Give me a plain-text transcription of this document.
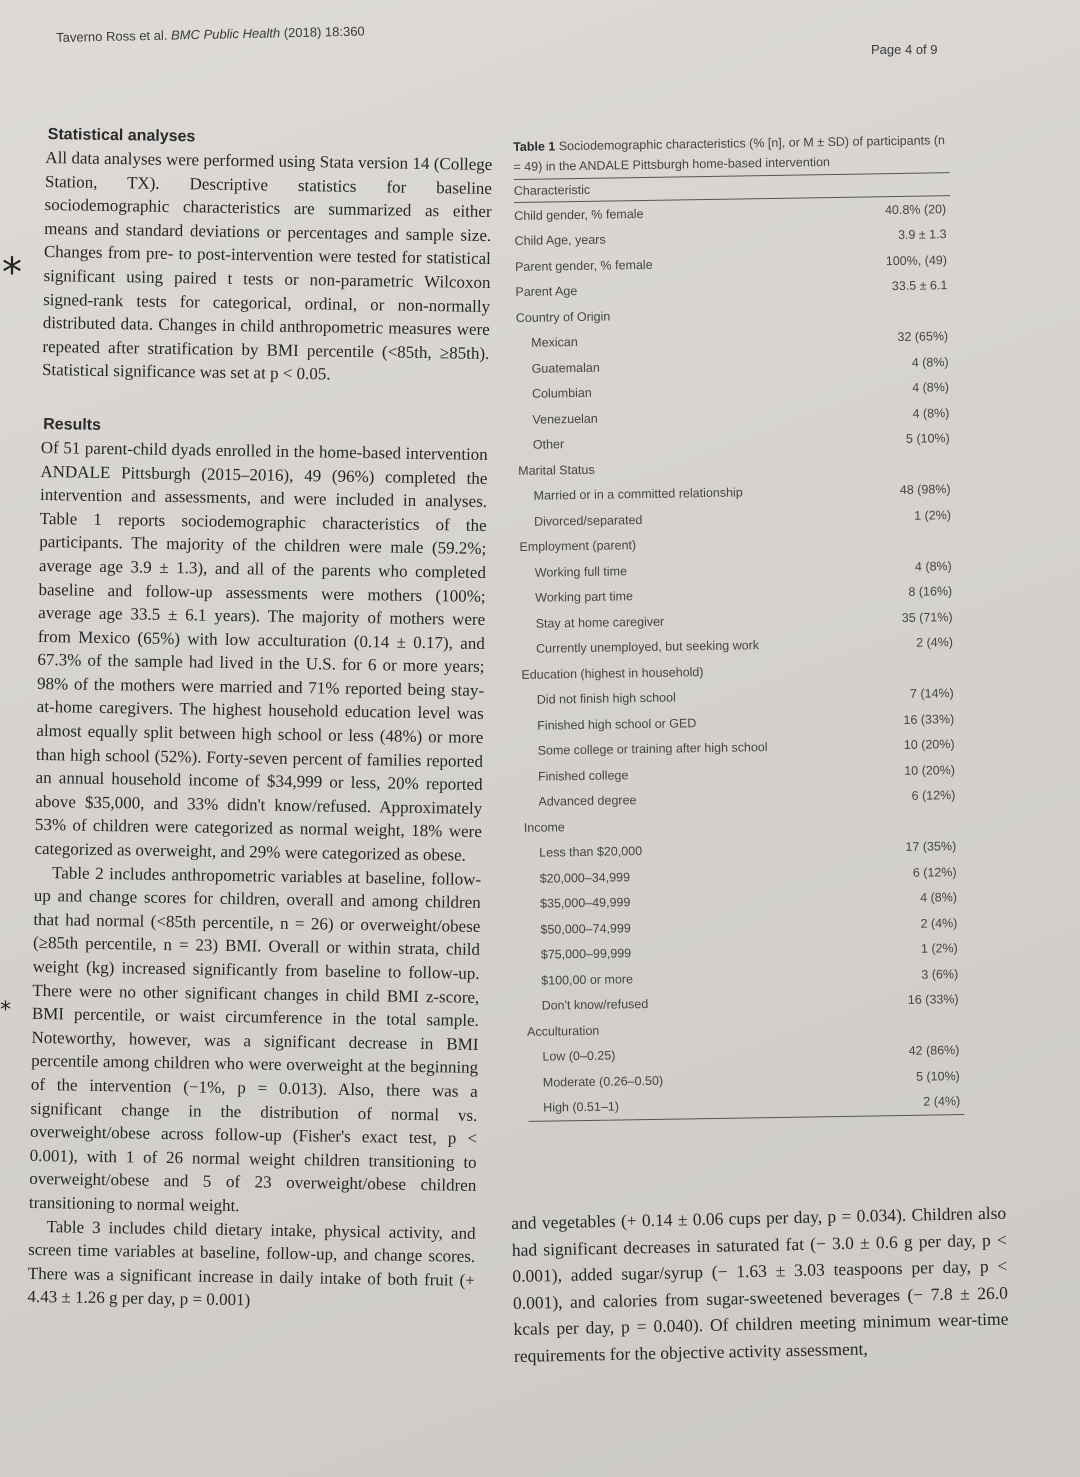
Taverno Ross et al. BMC Public Health (2018) 18:360
Page 4 of 9
Statistical analyses

All data analyses were performed using Stata version 14 (College Station, TX). Descriptive statistics for baseline sociodemographic characteristics are summarized as either means and standard deviations or percentages and sample size. Changes from pre- to post-intervention were tested for statistical significant using paired t tests or non-parametric Wilcoxon signed-rank tests for categorical, ordinal, or non-normally distributed data. Changes in child anthropometric measures were repeated after stratification by BMI percentile (<85th, ≥85th). Statistical significance was set at p < 0.05.

Results

Of 51 parent-child dyads enrolled in the home-based intervention ANDALE Pittsburgh (2015–2016), 49 (96%) completed the intervention and assessments, and were included in analyses. Table 1 reports sociodemographic characteristics of the participants. The majority of the children were male (59.2%; average age 3.9 ± 1.3), and all of the parents who completed baseline and follow-up assessments were mothers (100%; average age 33.5 ± 6.1 years). The majority of mothers were from Mexico (65%) with low acculturation (0.14 ± 0.17), and 67.3% of the sample had lived in the U.S. for 6 or more years; 98% of the mothers were married and 71% reported being stay-at-home caregivers. The highest household education level was almost equally split between high school or less (48%) or more than high school (52%). Forty-seven percent of families reported an annual household income of $34,999 or less, 20% reported above $35,000, and 33% didn't know/refused. Approximately 53% of children were categorized as normal weight, 18% were categorized as overweight, and 29% were categorized as obese.

Table 2 includes anthropometric variables at baseline, follow-up and change scores for children, overall and among children that had normal (<85th percentile, n = 26) or overweight/obese (≥85th percentile, n = 23) BMI. Overall or within strata, child weight (kg) increased significantly from baseline to follow-up. There were no other significant changes in child BMI z-score, BMI percentile, or waist circumference in the total sample. Noteworthy, however, was a significant decrease in BMI percentile among children who were overweight at the beginning of the intervention (−1%, p = 0.013). Also, there was a significant change in the distribution of normal vs. overweight/obese across follow-up (Fisher's exact test, p < 0.001), with 1 of 26 normal weight children transitioning to overweight/obese and 5 of 23 overweight/obese children transitioning to normal weight.

Table 3 includes child dietary intake, physical activity, and screen time variables at baseline, follow-up, and change scores. There was a significant increase in daily intake of both fruit (+ 4.43 ± 1.26 g per day, p = 0.001)

Table 1 Sociodemographic characteristics (% [n], or M ± SD) of participants (n = 49) in the ANDALE Pittsburgh home-based intervention
Characteristic
Child gender, % female	40.8% (20)
Child Age, years	3.9 ± 1.3
Parent gender, % female	100%, (49)
Parent Age	33.5 ± 6.1
Country of Origin
Mexican	32 (65%)
Guatemalan	4 (8%)
Columbian	4 (8%)
Venezuelan	4 (8%)
Other	5 (10%)
Marital Status
Married or in a committed relationship	48 (98%)
Divorced/separated	1 (2%)
Employment (parent)
Working full time	4 (8%)
Working part time	8 (16%)
Stay at home caregiver	35 (71%)
Currently unemployed, but seeking work	2 (4%)
Education (highest in household)
Did not finish high school	7 (14%)
Finished high school or GED	16 (33%)
Some college or training after high school	10 (20%)
Finished college	10 (20%)
Advanced degree	6 (12%)
Income
Less than $20,000	17 (35%)
$20,000–34,999	6 (12%)
$35,000–49,999	4 (8%)
$50,000–74,999	2 (4%)
$75,000–99,999	1 (2%)
$100,00 or more	3 (6%)
Don't know/refused	16 (33%)
Acculturation
Low (0–0.25)	42 (86%)
Moderate (0.26–0.50)	5 (10%)
High (0.51–1)	2 (4%)

and vegetables (+ 0.14 ± 0.06 cups per day, p = 0.034). Children also had significant decreases in saturated fat (− 3.0 ± 0.6 g per day, p < 0.001), added sugar/syrup (− 1.63 ± 3.03 teaspoons per day, p < 0.001), and calories from sugar-sweetened beverages (− 7.8 ± 26.0 kcals per day, p = 0.040). Of children meeting minimum wear-time requirements for the objective activity assessment,

*
*
